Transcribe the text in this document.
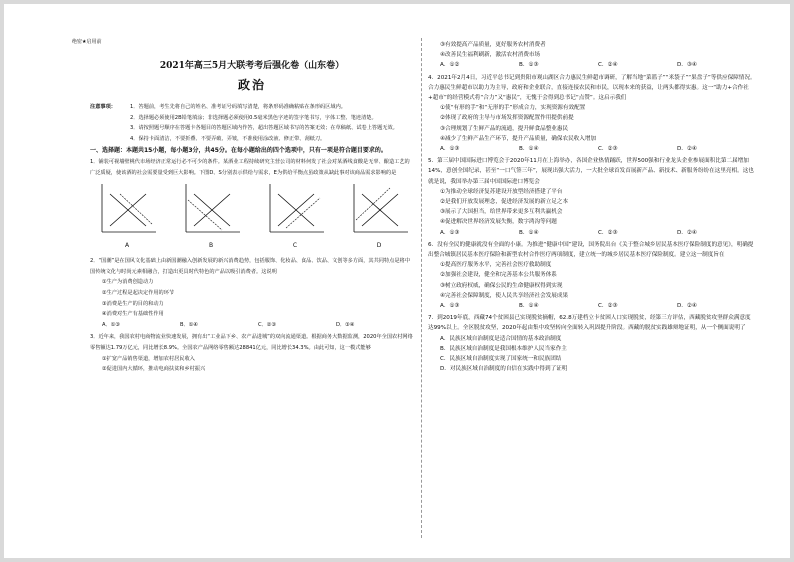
绝密★启用前
2021年高三5月大联考考后强化卷（山东卷）
政治
注意事项：	1．答题前，考生先将自己的姓名、准考证号码填写清楚，将条形码准确粘贴在条形码区域内。
2．选择题必须使用2B铅笔填涂；非选择题必须使用0.5毫米黑色字迹的签字笔书写，字体工整、笔迹清楚。
3．请按照题号顺序在答题卡各题目的答题区域内作答，超出答题区域书写的答案无效；在草稿纸、试卷上答题无效。
4．保持卡面清洁，不要折叠、不要弄破、弄皱，不准使用涂改液、修正带、刮纸刀。
一、选择题：本题共15小题，每小题3分，共45分。在每小题给出的四个选项中，只有一项是符合题目要求的。
1．铺装可视墙壁桃代市场经济正常运行必不可少的条件。某酒业工程持续研究主营公司的材料何发了社会对某酒线食酸是无辜、酿造工艺的广泛质疑，使该酒的社会需要量受到巨大影响。下图D、S分别表示供给与需求，E为供给平衡点虽政策从缺此事对该商品需求影响的是
A	B	C	D
2．“国潮”是在国风文化基础上由新国潮融入创新发展的新兴消费趋势，包括服饰、化妆品、食品、饮品、文创等多方面，其共同特点是将中国传统文化与时尚元素相融合，打造出更具时代特色的产品以吸引消费者。这说明
①生产为消费创造动力
②生产过程是起决定作用的环节
③消费是生产的目的和动力
④消费对生产有基础性作用
A．①③	B．①④	C．②③	D．③④
3．近年来，我国农村电商物流业快速发展，拥有出“工业品下乡、农产品进城”的双向流通渠道。根据商务大数据监测，2020年全国农村网络零售额达1.79万亿元，同比增长8.9%。全国农产品网络零售额达28841亿元，同比增长34.3%。由此可知，这一模式能够
①扩宽产品销售渠道，增加农村居民收入
②促进国内大循环，推动电商扶贫和乡村振兴
③有效提高产品质量，更好服务农村消费者
④改善民生福利刷新，激活农村消费市场
A．①②	B．①③	C．②④	D．③④
4．2021年2月4日，习近平总书记到贵阳市观山湖区合力惠民生鲜超市调研，了解当地“菜篮子”“米袋子”“果盘子”等供应保障情况。合力惠民生鲜超市以助力为主导，政府和企业联合，直接连接农民和市民，以现本来的获益，让两头都得实惠。这一“助力+合作社+超市”的经营模式将“合力”又“惠民”，无愧于会得到总书记“点赞”。这启示我们
①使“有形的手”和“无形的手”形成合力，实现资源有效配置
②体现了政府的主导与市场发挥资源配置作用提供前提
③合理规划了生鲜产品的流通，提升鲜食品整业惠民
④减少了生鲜产品生产环节，提升产品质量，确保农民收入增加
A．①③	B．①④	C．②③	D．②④
5．第三届中国国际进口博览会于2020年11月在上海举办，各国企业热情踊跃，世界500强和行业龙头企业参展面积比第二届增加14%，意创全国纪录，甚至“一口气签三年”，展现出强大活力，一大批全球首发首展新产品、新技术、新服务纷纷在这里亮相。这也就是说，我国举办第三届中国国际进口博览会
①为推动全球经济复苏建设开放型经济搭建了平台
②是我们开放发展理念，促进经济发展的新立足之本
③展示了大国担当，给世界带来更多互利共赢机会
④促进解决世界经济发展失衡，数字鸿沟等问题
A．①③	B．①④	C．②③	D．②④
6．没有全民的健康就没有全面的小康。为推进“健康中国”建设，国务院出台《关于整合城乡居民基本医疗保险制度的意见》，明确提出整合城镇居民基本医疗保险和新型农村合作医疗两项制度，建立统一的城乡居民基本医疗保险制度。建立这一制度旨在
①提高医疗服务水平，完善社会医疗救助制度
②加强社会建设，健全和完善基本公共服务体系
③树立政府权威，确保公民的生命健康权得到实现
④完善社会保障制度，使人民共享经济社会发展成果
A．①③	B．①④	C．②③	D．②④
7．到2019年底，西藏74个贫困县已实现脱贫摘帽，62.8万建档立卡贫困人口实现脱贫，经第三方评估，西藏脱贫攻坚群众满意度达99%以上。全区脱贫攻坚，2020年起由集中攻坚转向全面转入巩固提升阶段。西藏的脱贫实践雄辩地证明，从一个侧面说明了
A．民族区域自治制度是适合国情的基本政治制度
B．民族区域自治制度是我国根本维护人民当家作主
C．民族区域自治制度实现了国家统一和民族团结
D．对民族区域自治制度的自信在实践中得到了证明
